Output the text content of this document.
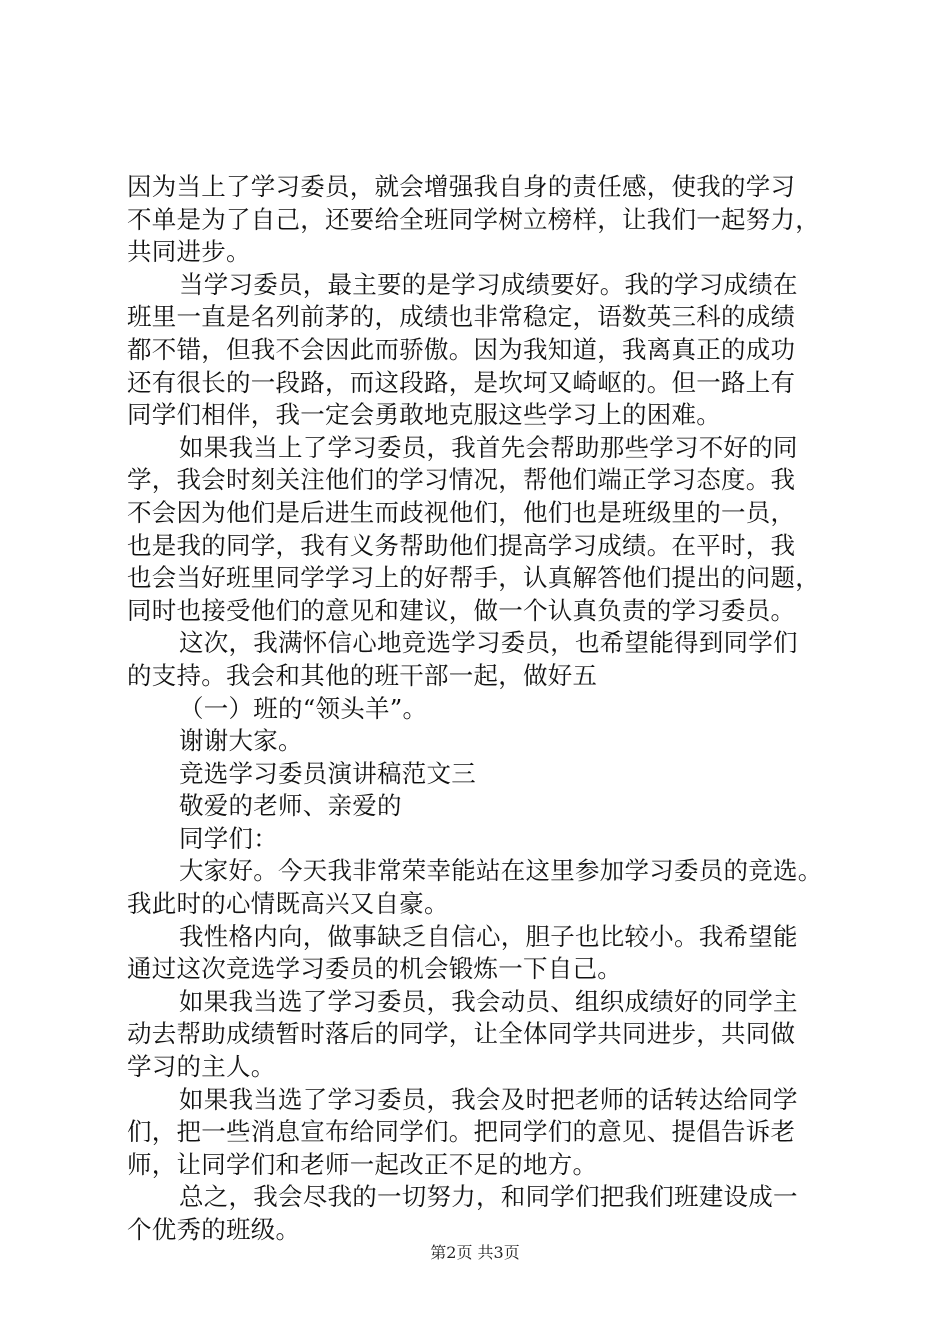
因为当上了学习委员，就会增强我自身的责任感，使我的学习
不单是为了自己，还要给全班同学树立榜样，让我们一起努力，
共同进步。
当学习委员，最主要的是学习成绩要好。我的学习成绩在
班里一直是名列前茅的，成绩也非常稳定，语数英三科的成绩
都不错，但我不会因此而骄傲。因为我知道，我离真正的成功
还有很长的一段路，而这段路，是坎坷又崎岖的。但一路上有
同学们相伴，我一定会勇敢地克服这些学习上的困难。
如果我当上了学习委员，我首先会帮助那些学习不好的同
学，我会时刻关注他们的学习情况，帮他们端正学习态度。我
不会因为他们是后进生而歧视他们，他们也是班级里的一员，
也是我的同学，我有义务帮助他们提高学习成绩。在平时，我
也会当好班里同学学习上的好帮手，认真解答他们提出的问题，
同时也接受他们的意见和建议，做一个认真负责的学习委员。
这次，我满怀信心地竞选学习委员，也希望能得到同学们
的支持。我会和其他的班干部一起，做好五
（一）班的“领头羊”。
谢谢大家。
竞选学习委员演讲稿范文三
敬爱的老师、亲爱的
同学们：
大家好。今天我非常荣幸能站在这里参加学习委员的竞选。
我此时的心情既高兴又自豪。
我性格内向，做事缺乏自信心，胆子也比较小。我希望能
通过这次竞选学习委员的机会锻炼一下自己。
如果我当选了学习委员，我会动员、组织成绩好的同学主
动去帮助成绩暂时落后的同学，让全体同学共同进步，共同做
学习的主人。
如果我当选了学习委员，我会及时把老师的话转达给同学
们，把一些消息宣布给同学们。把同学们的意见、提倡告诉老
师，让同学们和老师一起改正不足的地方。
总之，我会尽我的一切努力，和同学们把我们班建设成一
个优秀的班级。
第2页 共3页
